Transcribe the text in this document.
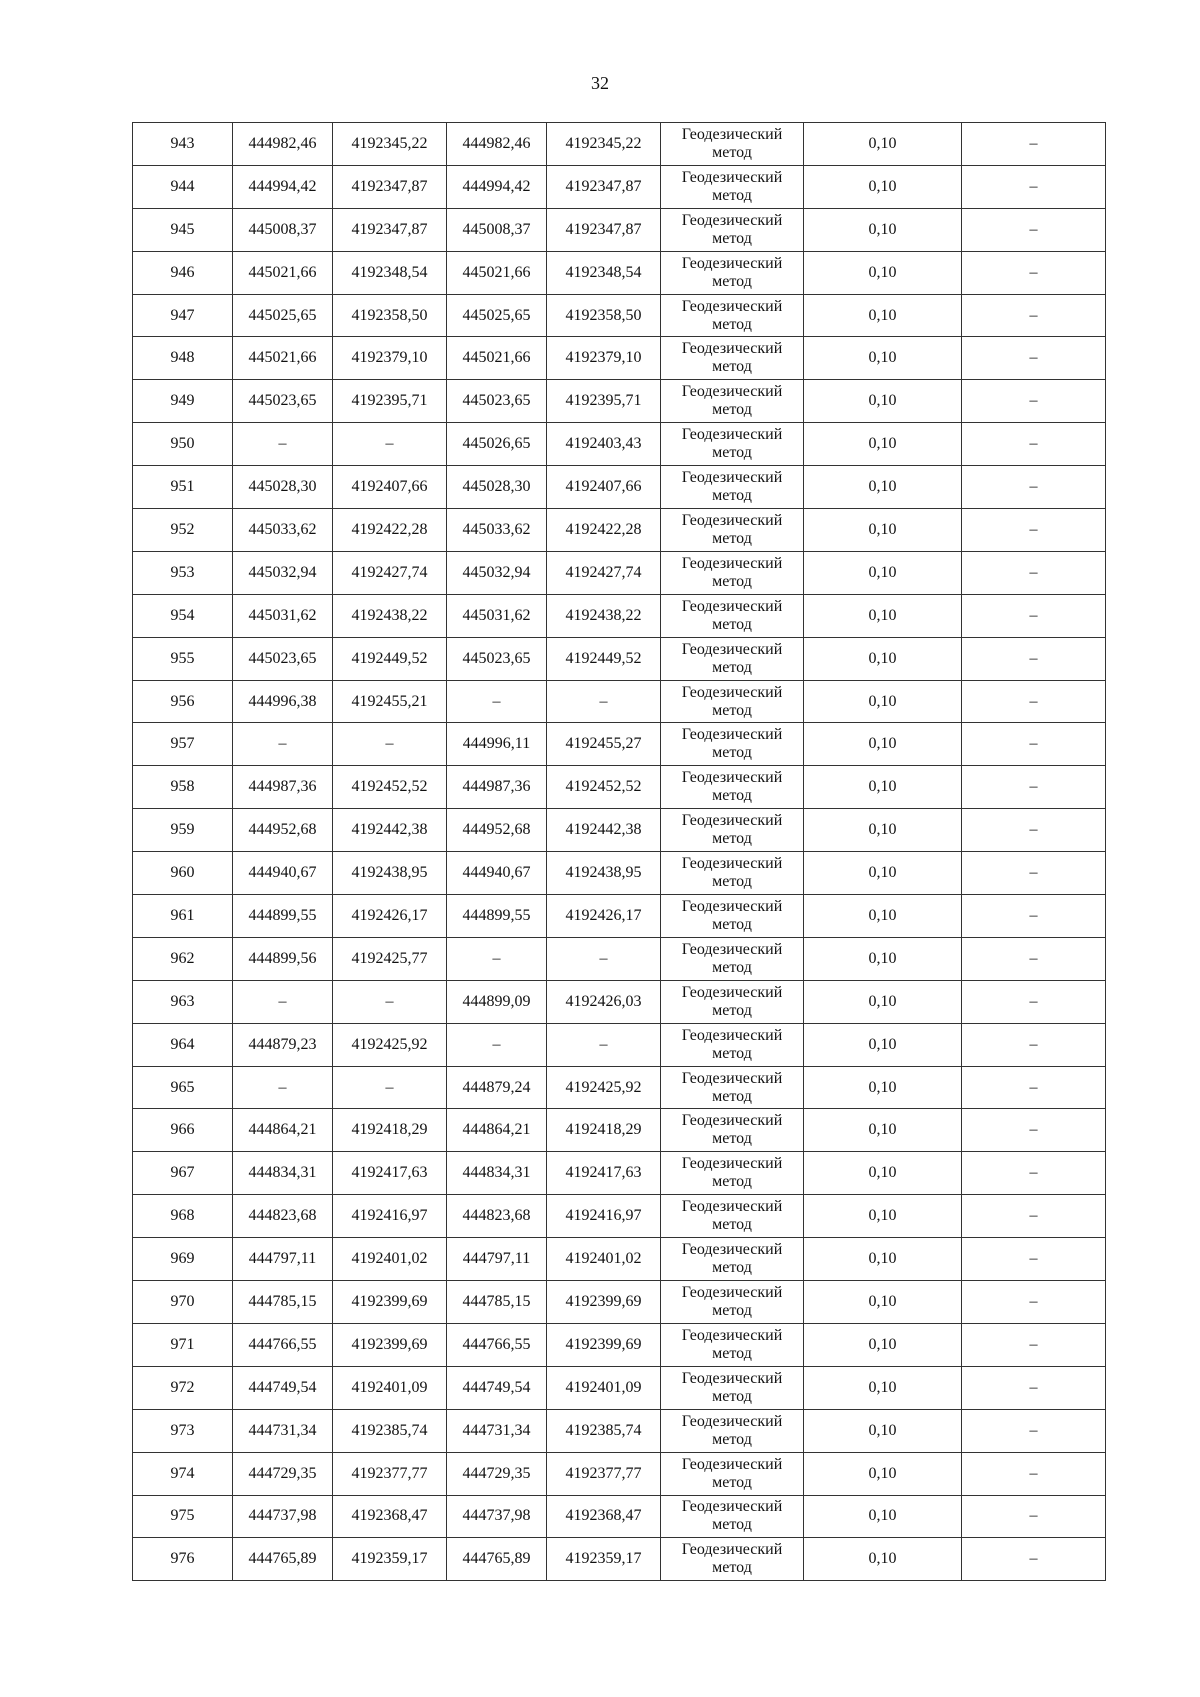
32
943	444982,46	4192345,22	444982,46	4192345,22	Геодезический
метод	0,10	–
944	444994,42	4192347,87	444994,42	4192347,87	Геодезический
метод	0,10	–
945	445008,37	4192347,87	445008,37	4192347,87	Геодезический
метод	0,10	–
946	445021,66	4192348,54	445021,66	4192348,54	Геодезический
метод	0,10	–
947	445025,65	4192358,50	445025,65	4192358,50	Геодезический
метод	0,10	–
948	445021,66	4192379,10	445021,66	4192379,10	Геодезический
метод	0,10	–
949	445023,65	4192395,71	445023,65	4192395,71	Геодезический
метод	0,10	–
950	–	–	445026,65	4192403,43	Геодезический
метод	0,10	–
951	445028,30	4192407,66	445028,30	4192407,66	Геодезический
метод	0,10	–
952	445033,62	4192422,28	445033,62	4192422,28	Геодезический
метод	0,10	–
953	445032,94	4192427,74	445032,94	4192427,74	Геодезический
метод	0,10	–
954	445031,62	4192438,22	445031,62	4192438,22	Геодезический
метод	0,10	–
955	445023,65	4192449,52	445023,65	4192449,52	Геодезический
метод	0,10	–
956	444996,38	4192455,21	–	–	Геодезический
метод	0,10	–
957	–	–	444996,11	4192455,27	Геодезический
метод	0,10	–
958	444987,36	4192452,52	444987,36	4192452,52	Геодезический
метод	0,10	–
959	444952,68	4192442,38	444952,68	4192442,38	Геодезический
метод	0,10	–
960	444940,67	4192438,95	444940,67	4192438,95	Геодезический
метод	0,10	–
961	444899,55	4192426,17	444899,55	4192426,17	Геодезический
метод	0,10	–
962	444899,56	4192425,77	–	–	Геодезический
метод	0,10	–
963	–	–	444899,09	4192426,03	Геодезический
метод	0,10	–
964	444879,23	4192425,92	–	–	Геодезический
метод	0,10	–
965	–	–	444879,24	4192425,92	Геодезический
метод	0,10	–
966	444864,21	4192418,29	444864,21	4192418,29	Геодезический
метод	0,10	–
967	444834,31	4192417,63	444834,31	4192417,63	Геодезический
метод	0,10	–
968	444823,68	4192416,97	444823,68	4192416,97	Геодезический
метод	0,10	–
969	444797,11	4192401,02	444797,11	4192401,02	Геодезический
метод	0,10	–
970	444785,15	4192399,69	444785,15	4192399,69	Геодезический
метод	0,10	–
971	444766,55	4192399,69	444766,55	4192399,69	Геодезический
метод	0,10	–
972	444749,54	4192401,09	444749,54	4192401,09	Геодезический
метод	0,10	–
973	444731,34	4192385,74	444731,34	4192385,74	Геодезический
метод	0,10	–
974	444729,35	4192377,77	444729,35	4192377,77	Геодезический
метод	0,10	–
975	444737,98	4192368,47	444737,98	4192368,47	Геодезический
метод	0,10	–
976	444765,89	4192359,17	444765,89	4192359,17	Геодезический
метод	0,10	–
